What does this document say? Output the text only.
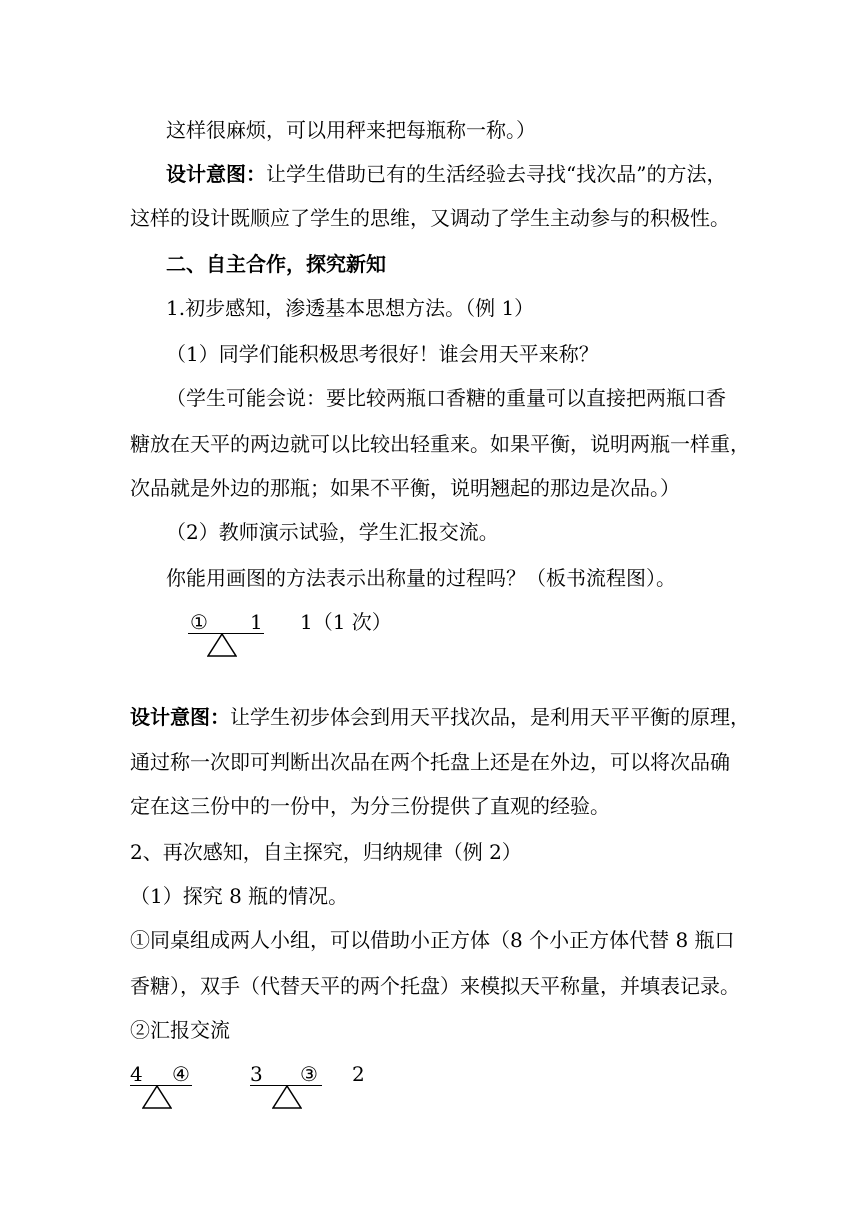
这样很麻烦，可以用秤来把每瓶称一称。）
设计意图：让学生借助已有的生活经验去寻找“找次品”的方法，
这样的设计既顺应了学生的思维，又调动了学生主动参与的积极性。
二、自主合作，探究新知
1.初步感知，渗透基本思想方法。（例 1）
（1）同学们能积极思考很好！谁会用天平来称？
（学生可能会说：要比较两瓶口香糖的重量可以直接把两瓶口香
糖放在天平的两边就可以比较出轻重来。如果平衡，说明两瓶一样重，
次品就是外边的那瓶；如果不平衡，说明翘起的那边是次品。）
（2）教师演示试验，学生汇报交流。
你能用画图的方法表示出称量的过程吗？（板书流程图）。
① 1 1（1 次）
设计意图：让学生初步体会到用天平找次品，是利用天平平衡的原理，
通过称一次即可判断出次品在两个托盘上还是在外边，可以将次品确
定在这三份中的一份中，为分三份提供了直观的经验。
2、再次感知，自主探究，归纳规律（例 2）
（1）探究 8 瓶的情况。
①同桌组成两人小组，可以借助小正方体（8 个小正方体代替 8 瓶口
香糖），双手（代替天平的两个托盘）来模拟天平称量，并填表记录。
②汇报交流
4 ④	3 ③ 2
